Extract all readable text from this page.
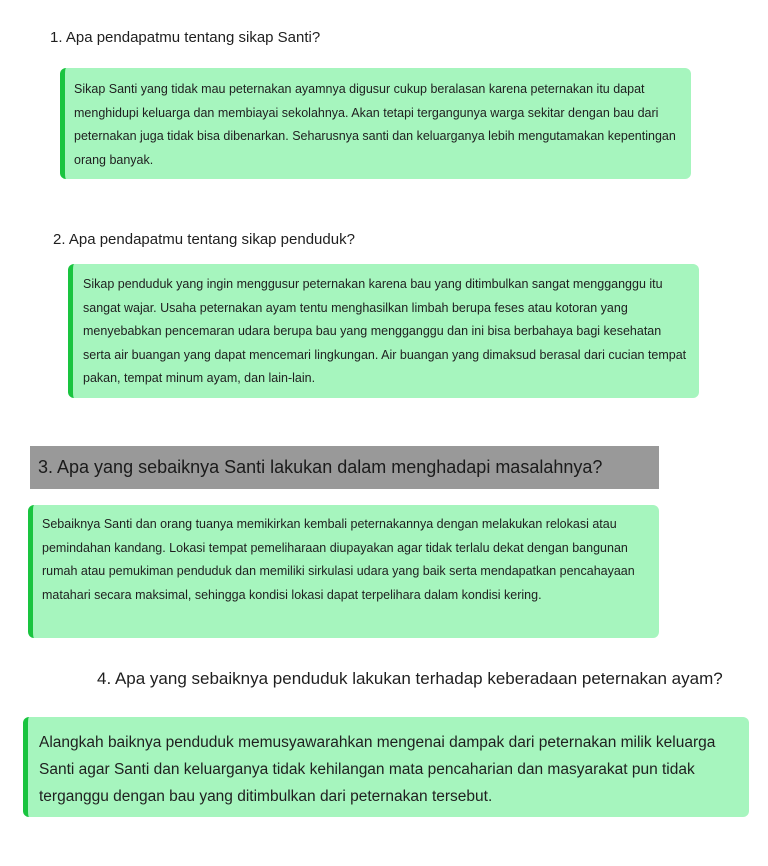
1. Apa pendapatmu tentang sikap Santi?

Sikap Santi yang tidak mau peternakan ayamnya digusur cukup beralasan karena peternakan itu dapat menghidupi keluarga dan membiayai sekolahnya. Akan tetapi tergangunya warga sekitar dengan bau dari peternakan juga tidak bisa dibenarkan. Seharusnya santi dan keluarganya lebih mengutamakan kepentingan orang banyak.

2. Apa pendapatmu tentang sikap penduduk?

Sikap penduduk yang ingin menggusur peternakan karena bau yang ditimbulkan sangat mengganggu itu sangat wajar. Usaha peternakan ayam tentu menghasilkan limbah berupa feses atau kotoran yang menyebabkan pencemaran udara berupa bau yang mengganggu dan ini bisa berbahaya bagi kesehatan serta air buangan yang dapat mencemari lingkungan. Air buangan yang dimaksud berasal dari cucian tempat pakan, tempat minum ayam, dan lain-lain.

3. Apa yang sebaiknya Santi lakukan dalam menghadapi masalahnya?

Sebaiknya Santi dan orang tuanya memikirkan kembali peternakannya dengan melakukan relokasi atau pemindahan kandang. Lokasi tempat pemeliharaan diupayakan agar tidak terlalu dekat dengan bangunan rumah atau pemukiman penduduk dan memiliki sirkulasi udara yang baik serta mendapatkan pencahayaan matahari secara maksimal, sehingga kondisi lokasi dapat terpelihara dalam kondisi kering.

4. Apa yang sebaiknya penduduk lakukan terhadap keberadaan peternakan ayam?

Alangkah baiknya penduduk memusyawarahkan mengenai dampak dari peternakan milik keluarga Santi agar Santi dan keluarganya tidak kehilangan mata pencaharian dan masyarakat pun tidak terganggu dengan bau yang ditimbulkan dari peternakan tersebut.
